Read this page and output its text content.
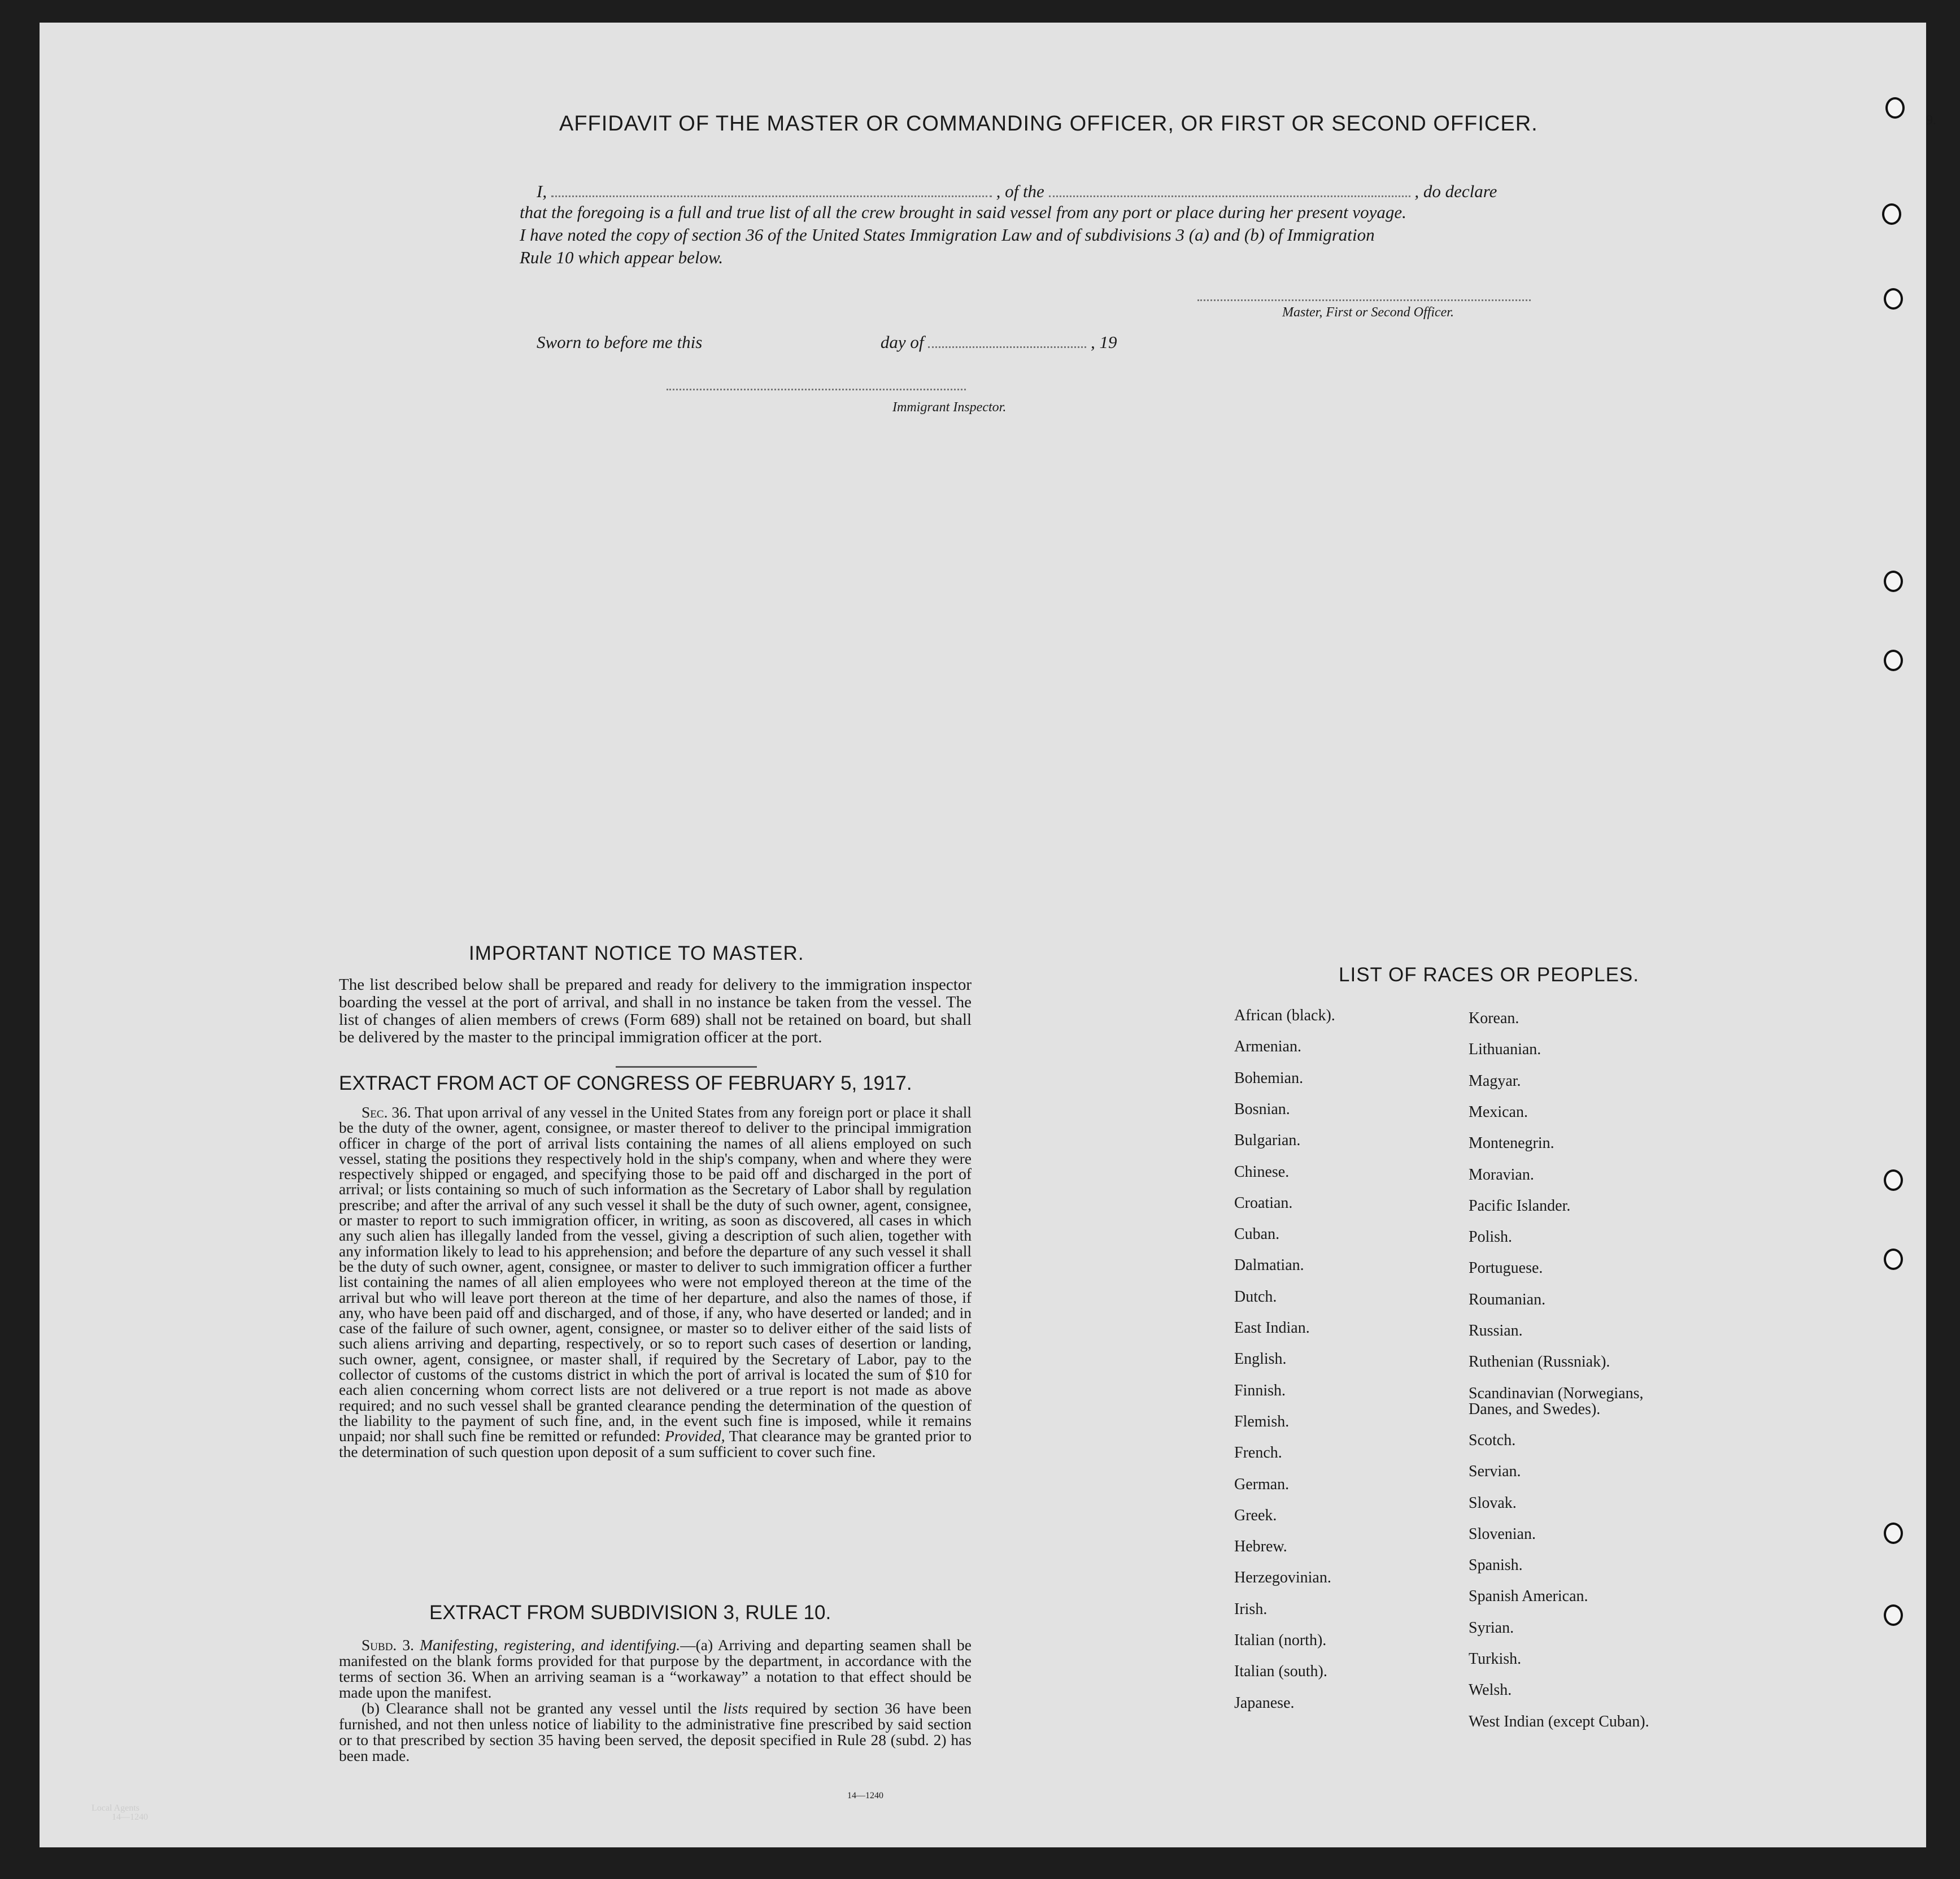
AFFIDAVIT OF THE MASTER OR COMMANDING OFFICER, OR FIRST OR SECOND OFFICER.	9.
I,	, of the	, do declare
that the foregoing is a full and true list of all the crew brought in said vessel from any port or place during her present voyage.
I have noted the copy of section 36 of the United States Immigration Law and of subdivisions 3 (a) and (b) of Immigration
Rule 10 which appear below.
Master, First or Second Officer.
Sworn to before me this	day of	, 19
Immigrant Inspector.
IMPORTANT NOTICE TO MASTER.
The list described below shall be prepared and ready for delivery to the immigration inspector boarding the vessel at the port of arrival, and shall in no instance be taken from the vessel. The list of changes of alien members of crews (Form 689) shall not be retained on board, but shall be delivered by the master to the principal immigration officer at the port.
EXTRACT FROM ACT OF CONGRESS OF FEBRUARY 5, 1917.
Sec. 36. That upon arrival of any vessel in the United States from any foreign port or place it shall be the duty of the owner, agent, consignee, or master thereof to deliver to the principal immigration officer in charge of the port of arrival lists containing the names of all aliens employed on such vessel, stating the positions they respectively hold in the ship's company, when and where they were respectively shipped or engaged, and specifying those to be paid off and discharged in the port of arrival; or lists containing so much of such information as the Secretary of Labor shall by regulation prescribe; and after the arrival of any such vessel it shall be the duty of such owner, agent, consignee, or master to report to such immigration officer, in writing, as soon as discovered, all cases in which any such alien has illegally landed from the vessel, giving a description of such alien, together with any information likely to lead to his apprehension; and before the departure of any such vessel it shall be the duty of such owner, agent, consignee, or master to deliver to such immigration officer a further list containing the names of all alien employees who were not employed thereon at the time of the arrival but who will leave port thereon at the time of her departure, and also the names of those, if any, who have been paid off and discharged, and of those, if any, who have deserted or landed; and in case of the failure of such owner, agent, consignee, or master so to deliver either of the said lists of such aliens arriving and departing, respectively, or so to report such cases of desertion or landing, such owner, agent, consignee, or master shall, if required by the Secretary of Labor, pay to the collector of customs of the customs district in which the port of arrival is located the sum of $10 for each alien concerning whom correct lists are not delivered or a true report is not made as above required; and no such vessel shall be granted clearance pending the determination of the question of the liability to the payment of such fine, and, in the event such fine is imposed, while it remains unpaid; nor shall such fine be remitted or refunded: Provided, That clearance may be granted prior to the determination of such question upon deposit of a sum sufficient to cover such fine.
EXTRACT FROM SUBDIVISION 3, RULE 10.
Subd. 3. Manifesting, registering, and identifying.—(a) Arriving and departing seamen shall be manifested on the blank forms provided for that purpose by the department, in accordance with the terms of section 36. When an arriving seaman is a “workaway” a notation to that effect should be made upon the manifest.
(b) Clearance shall not be granted any vessel until the lists required by section 36 have been furnished, and not then unless notice of liability to the administrative fine prescribed by said section or to that prescribed by section 35 having been served, the deposit specified in Rule 28 (subd. 2) has been made.
14—1240
LIST OF RACES OR PEOPLES.
African (black).
Armenian.
Bohemian.
Bosnian.
Bulgarian.
Chinese.
Croatian.
Cuban.
Dalmatian.
Dutch.
East Indian.
English.
Finnish.
Flemish.
French.
German.
Greek.
Hebrew.
Herzegovinian.
Irish.
Italian (north).
Italian (south).
Japanese.
Korean.
Lithuanian.
Magyar.
Mexican.
Montenegrin.
Moravian.
Pacific Islander.
Polish.
Portuguese.
Roumanian.
Russian.
Ruthenian (Russniak).
Scandinavian (Norwegians,
Danes, and Swedes).
Scotch.
Servian.
Slovak.
Slovenian.
Spanish.
Spanish American.
Syrian.
Turkish.
Welsh.
West Indian (except Cuban).
Local Agents
14—1240
